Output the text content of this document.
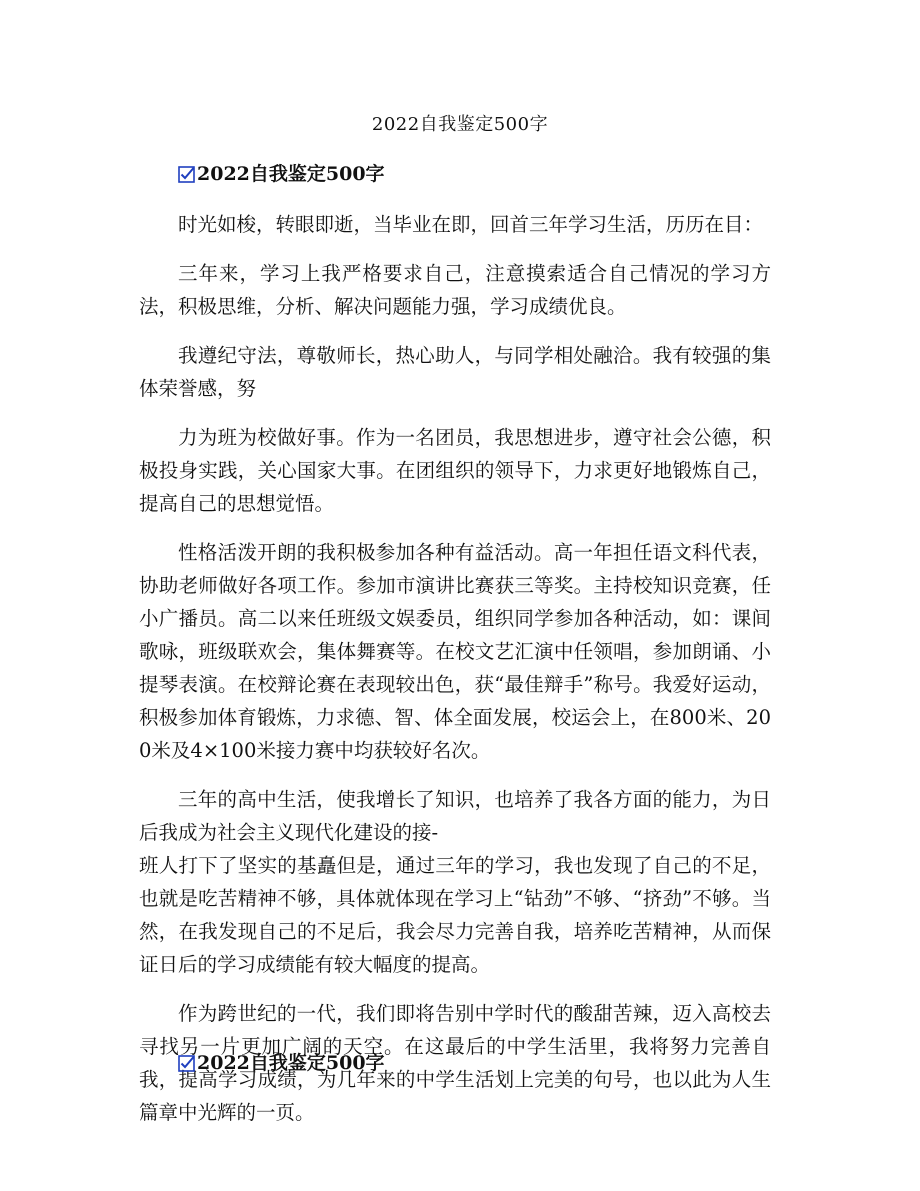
2022自我鉴定500字
2022自我鉴定500字

时光如梭，转眼即逝，当毕业在即，回首三年学习生活，历历在目：

三年来，学习上我严格要求自己，注意摸索适合自己情况的学习方法，积极思维，分析、解决问题能力强，学习成绩优良。

我遵纪守法，尊敬师长，热心助人，与同学相处融洽。我有较强的集体荣誉感，努

力为班为校做好事。作为一名团员，我思想进步，遵守社会公德，积极投身实践，关心国家大事。在团组织的领导下，力求更好地锻炼自己，提高自己的思想觉悟。

性格活泼开朗的我积极参加各种有益活动。高一年担任语文科代表，协助老师做好各项工作。参加市演讲比赛获三等奖。主持校知识竞赛，任小广播员。高二以来任班级文娱委员，组织同学参加各种活动，如：课间歌咏，班级联欢会，集体舞赛等。在校文艺汇演中任领唱，参加朗诵、小提琴表演。在校辩论赛在表现较出色，获“最佳辩手”称号。我爱好运动，积极参加体育锻炼，力求德、智、体全面发展，校运会上，在800米、200米及4×100米接力赛中均获较好名次。

三年的高中生活，使我增长了知识，也培养了我各方面的能力，为日后我成为社会主义现代化建设的接-

班人打下了坚实的基矗但是，通过三年的学习，我也发现了自己的不足，也就是吃苦精神不够，具体就体现在学习上“钻劲”不够、“挤劲”不够。当然，在我发现自己的不足后，我会尽力完善自我，培养吃苦精神，从而保证日后的学习成绩能有较大幅度的提高。

作为跨世纪的一代，我们即将告别中学时代的酸甜苦辣，迈入高校去寻找另一片更加广阔的天空。在这最后的中学生活里，我将努力完善自我，提高学习成绩，为几年来的中学生活划上完美的句号，也以此为人生篇章中光辉的一页。

2022自我鉴定500字
